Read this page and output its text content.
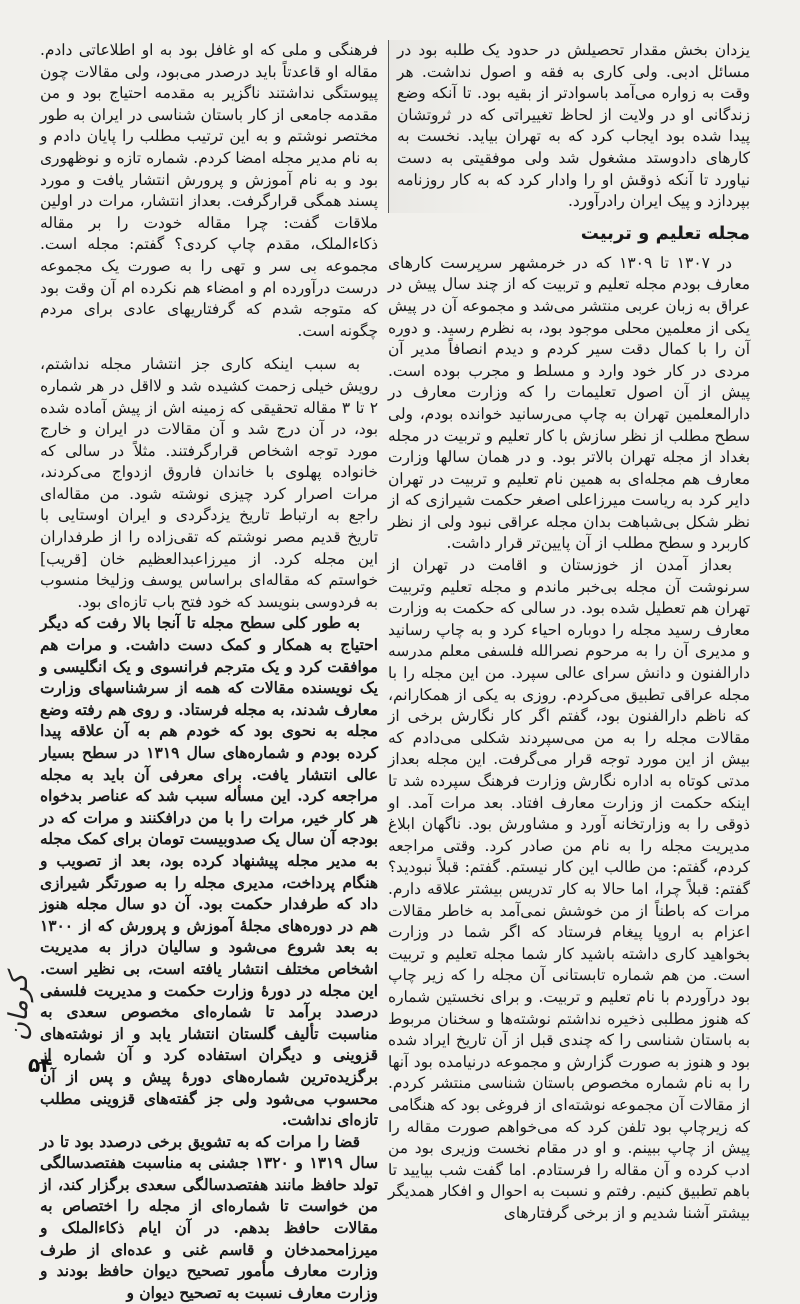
یزدان بخش مقدار تحصیلش در حدود یک طلبه بود در مسائل ادبی. ولی کاری به فقه و اصول نداشت. هر وقت به زواره می‌آمد باسوادتر از بقیه بود. تا آنکه وضع زندگانی او در ولایت از لحاظ تغییراتی که در ثروتشان پیدا شده بود ایجاب کرد که به تهران بیاید. نخست به کارهای دادوستد مشغول شد ولی موفقیتی به دست نیاورد تا آنکه ذوقش او را وادار کرد که به کار روزنامه بپردازد و پیک ایران رادرآورد.

مجله تعلیم و تربیت

در ۱۳۰۷ تا ۱۳۰۹ که در خرمشهر سرپرست کارهای معارف بودم مجله تعلیم و تربیت که از چند سال پیش در عراق به زبان عربی منتشر می‌شد و مجموعه آن در پیش یکی از معلمین محلی موجود بود، به نظرم رسید. و دوره آن را با کمال دقت سیر کردم و دیدم انصافاً مدیر آن مردی در کار خود وارد و مسلط و مجرب بوده است. پیش از آن اصول تعلیمات را که وزارت معارف در دارالمعلمین تهران به چاپ می‌رسانید خوانده بودم، ولی سطح مطلب از نظر سازش با کار تعلیم و تربیت در مجله بغداد از مجله تهران بالاتر بود. و در همان سالها وزارت معارف هم مجله‌ای به همین نام تعلیم و تربیت در تهران دایر کرد به ریاست میرزاعلی اصغر حکمت شیرازی که از نظر شکل بی‌شباهت بدان مجله عراقی نبود ولی از نظر کاربرد و سطح مطلب از آن پایین‌تر قرار داشت.

بعداز آمدن از خوزستان و اقامت در تهران از سرنوشت آن مجله بی‌خبر ماندم و مجله تعلیم وتربیت تهران هم تعطیل شده بود. در سالی که حکمت به وزارت معارف رسید مجله را دوباره احیاء کرد و به چاپ رسانید و مدیری آن را به مرحوم نصرالله فلسفی معلم مدرسه دارالفنون و دانش سرای عالی سپرد. من این مجله را با مجله عراقی تطبیق می‌کردم. روزی به یکی از همکارانم، که ناظم دارالفنون بود، گفتم اگر کار نگارش برخی از مقالات مجله را به من می‌سپردند شکلی می‌دادم که بیش از این مورد توجه قرار می‌گرفت. این مجله بعداز مدتی کوتاه به اداره نگارش وزارت فرهنگ سپرده شد تا اینکه حکمت از وزارت معارف افتاد. بعد مرات آمد. او ذوقی را به وزارتخانه آورد و مشاورش بود. ناگهان ابلاغ مدیریت مجله را به نام من صادر کرد. وقتی مراجعه کردم، گفتم: من طالب این کار نیستم. گفتم: قبلاً نبودید؟ گفتم: قبلاً چرا، اما حالا به کار تدریس بیشتر علاقه دارم. مرات که باطناً از من خوشش نمی‌آمد به خاطر مقالات اعزام به اروپا پیغام فرستاد که اگر شما در وزارت بخواهید کاری داشته باشید کار شما مجله تعلیم و تربیت است. من هم شماره تابستانی آن مجله را که زیر چاپ بود درآوردم با نام تعلیم و تربیت. و برای نخستین شماره که هنوز مطلبی ذخیره نداشتم نوشته‌ها و سخنان مربوط به باستان شناسی را که چندی قبل از آن تاریخ ایراد شده بود و هنوز به صورت گزارش و مجموعه درنیامده بود آنها را به نام شماره مخصوص باستان شناسی منتشر کردم. از مقالات آن مجموعه نوشته‌ای از فروغی بود که هنگامی که زیرچاپ بود تلفن کرد که می‌خواهم صورت مقاله را پیش از چاپ ببینم. و او در مقام نخست وزیری بود من ادب کرده و آن مقاله را فرستادم. اما گفت شب بیایید تا باهم تطبیق کنیم. رفتم و نسبت به احوال و افکار همدیگر بیشتر آشنا شدیم و از برخی گرفتارهای

فرهنگی و ملی که او غافل بود به او اطلاعاتی دادم. مقاله او قاعدتاً باید درصدر می‌بود، ولی مقالات چون پیوستگی نداشتند ناگزیر به مقدمه احتیاج بود و من مقدمه جامعی از کار باستان شناسی در ایران به طور مختصر نوشتم و به این ترتیب مطلب را پایان دادم و به نام مدیر مجله امضا کردم. شماره تازه و نوظهوری بود و به نام آموزش و پرورش انتشار یافت و مورد پسند همگی قرارگرفت. بعداز انتشار، مرات در اولین ملاقات گفت: چرا مقاله خودت را بر مقاله ذکاءالملک، مقدم چاپ کردی؟ گفتم: مجله است. مجموعه بی سر و تهی را به صورت یک مجموعه درست درآورده ام و امضاء هم نکرده ام آن وقت بود که متوجه شدم که گرفتاریهای عادی برای مردم چگونه است.

به سبب اینکه کاری جز انتشار مجله نداشتم، رویش خیلی زحمت کشیده شد و لااقل در هر شماره ۲ تا ۳ مقاله تحقیقی که زمینه اش از پیش آماده شده بود، در آن درج شد و آن مقالات در ایران و خارج مورد توجه اشخاص قرارگرفتند. مثلاً در سالی که خانواده پهلوی با خاندان فاروق ازدواج می‌کردند، مرات اصرار کرد چیزی نوشته شود. من مقاله‌ای راجع به ارتباط تاریخ یزدگردی و ایران اوستایی با تاریخ قدیم مصر نوشتم که تقی‌زاده را از طرفداران این مجله کرد. از میرزاعبدالعظیم خان [قریب] خواستم که مقاله‌ای براساس یوسف وزلیخا منسوب به فردوسی بنویسد که خود فتح باب تازه‌ای بود.

به طور کلی سطح مجله تا آنجا بالا رفت که دیگر احتیاج به همکار و کمک دست داشت. و مرات هم موافقت کرد و یک مترجم فرانسوی و یک انگلیسی و یک نویسنده مقالات که همه از سرشناسهای وزارت معارف شدند، به مجله فرستاد. و روی هم رفته وضع مجله به نحوی بود که خودم هم به آن علاقه پیدا کرده بودم و شماره‌های سال ۱۳۱۹ در سطح بسیار عالی انتشار یافت. برای معرفی آن باید به مجله مراجعه کرد. این مسأله سبب شد که عناصر بدخواه هر کار خیر، مرات را با من درافکنند و مرات که در بودجه آن سال یک صدوبیست تومان برای کمک مجله به مدیر مجله پیشنهاد کرده بود، بعد از تصویب و هنگام پرداخت، مدیری مجله را به صورتگر شیرازی داد که طرفدار حکمت بود. آن دو سال مجله هنوز هم در دوره‌های مجلهٔ آموزش و پرورش که از ۱۳۰۰ به بعد شروع می‌شود و سالیان دراز به مدیریت اشخاص مختلف انتشار یافته است، بی نظیر است. این مجله در دورهٔ وزارت حکمت و مدیریت فلسفی درصدد برآمد تا شماره‌ای مخصوص سعدی به مناسبت تألیف گلستان انتشار یابد و از نوشته‌های قزوینی و دیگران استفاده کرد و آن شماره از برگزیده‌ترین شماره‌های دورهٔ پیش و پس از آن محسوب می‌شود ولی جز گفته‌های قزوینی مطلب تازه‌ای نداشت.

قضا را مرات که به تشویق برخی درصدد بود تا در سال ۱۳۱۹ و ۱۳۲۰ جشنی به مناسبت هفتصدسالگی تولد حافظ مانند هفتصدسالگی سعدی برگزار کند، از من خواست تا شماره‌ای از مجله را اختصاص به مقالات حافظ بدهم. در آن ایام ذکاءالملک و میرزامحمدخان و قاسم غنی و عده‌ای از طرف وزارت معارف مأمور تصحیح دیوان حافظ بودند و وزارت معارف نسبت به تصحیح دیوان و

کرمان
۵۴
